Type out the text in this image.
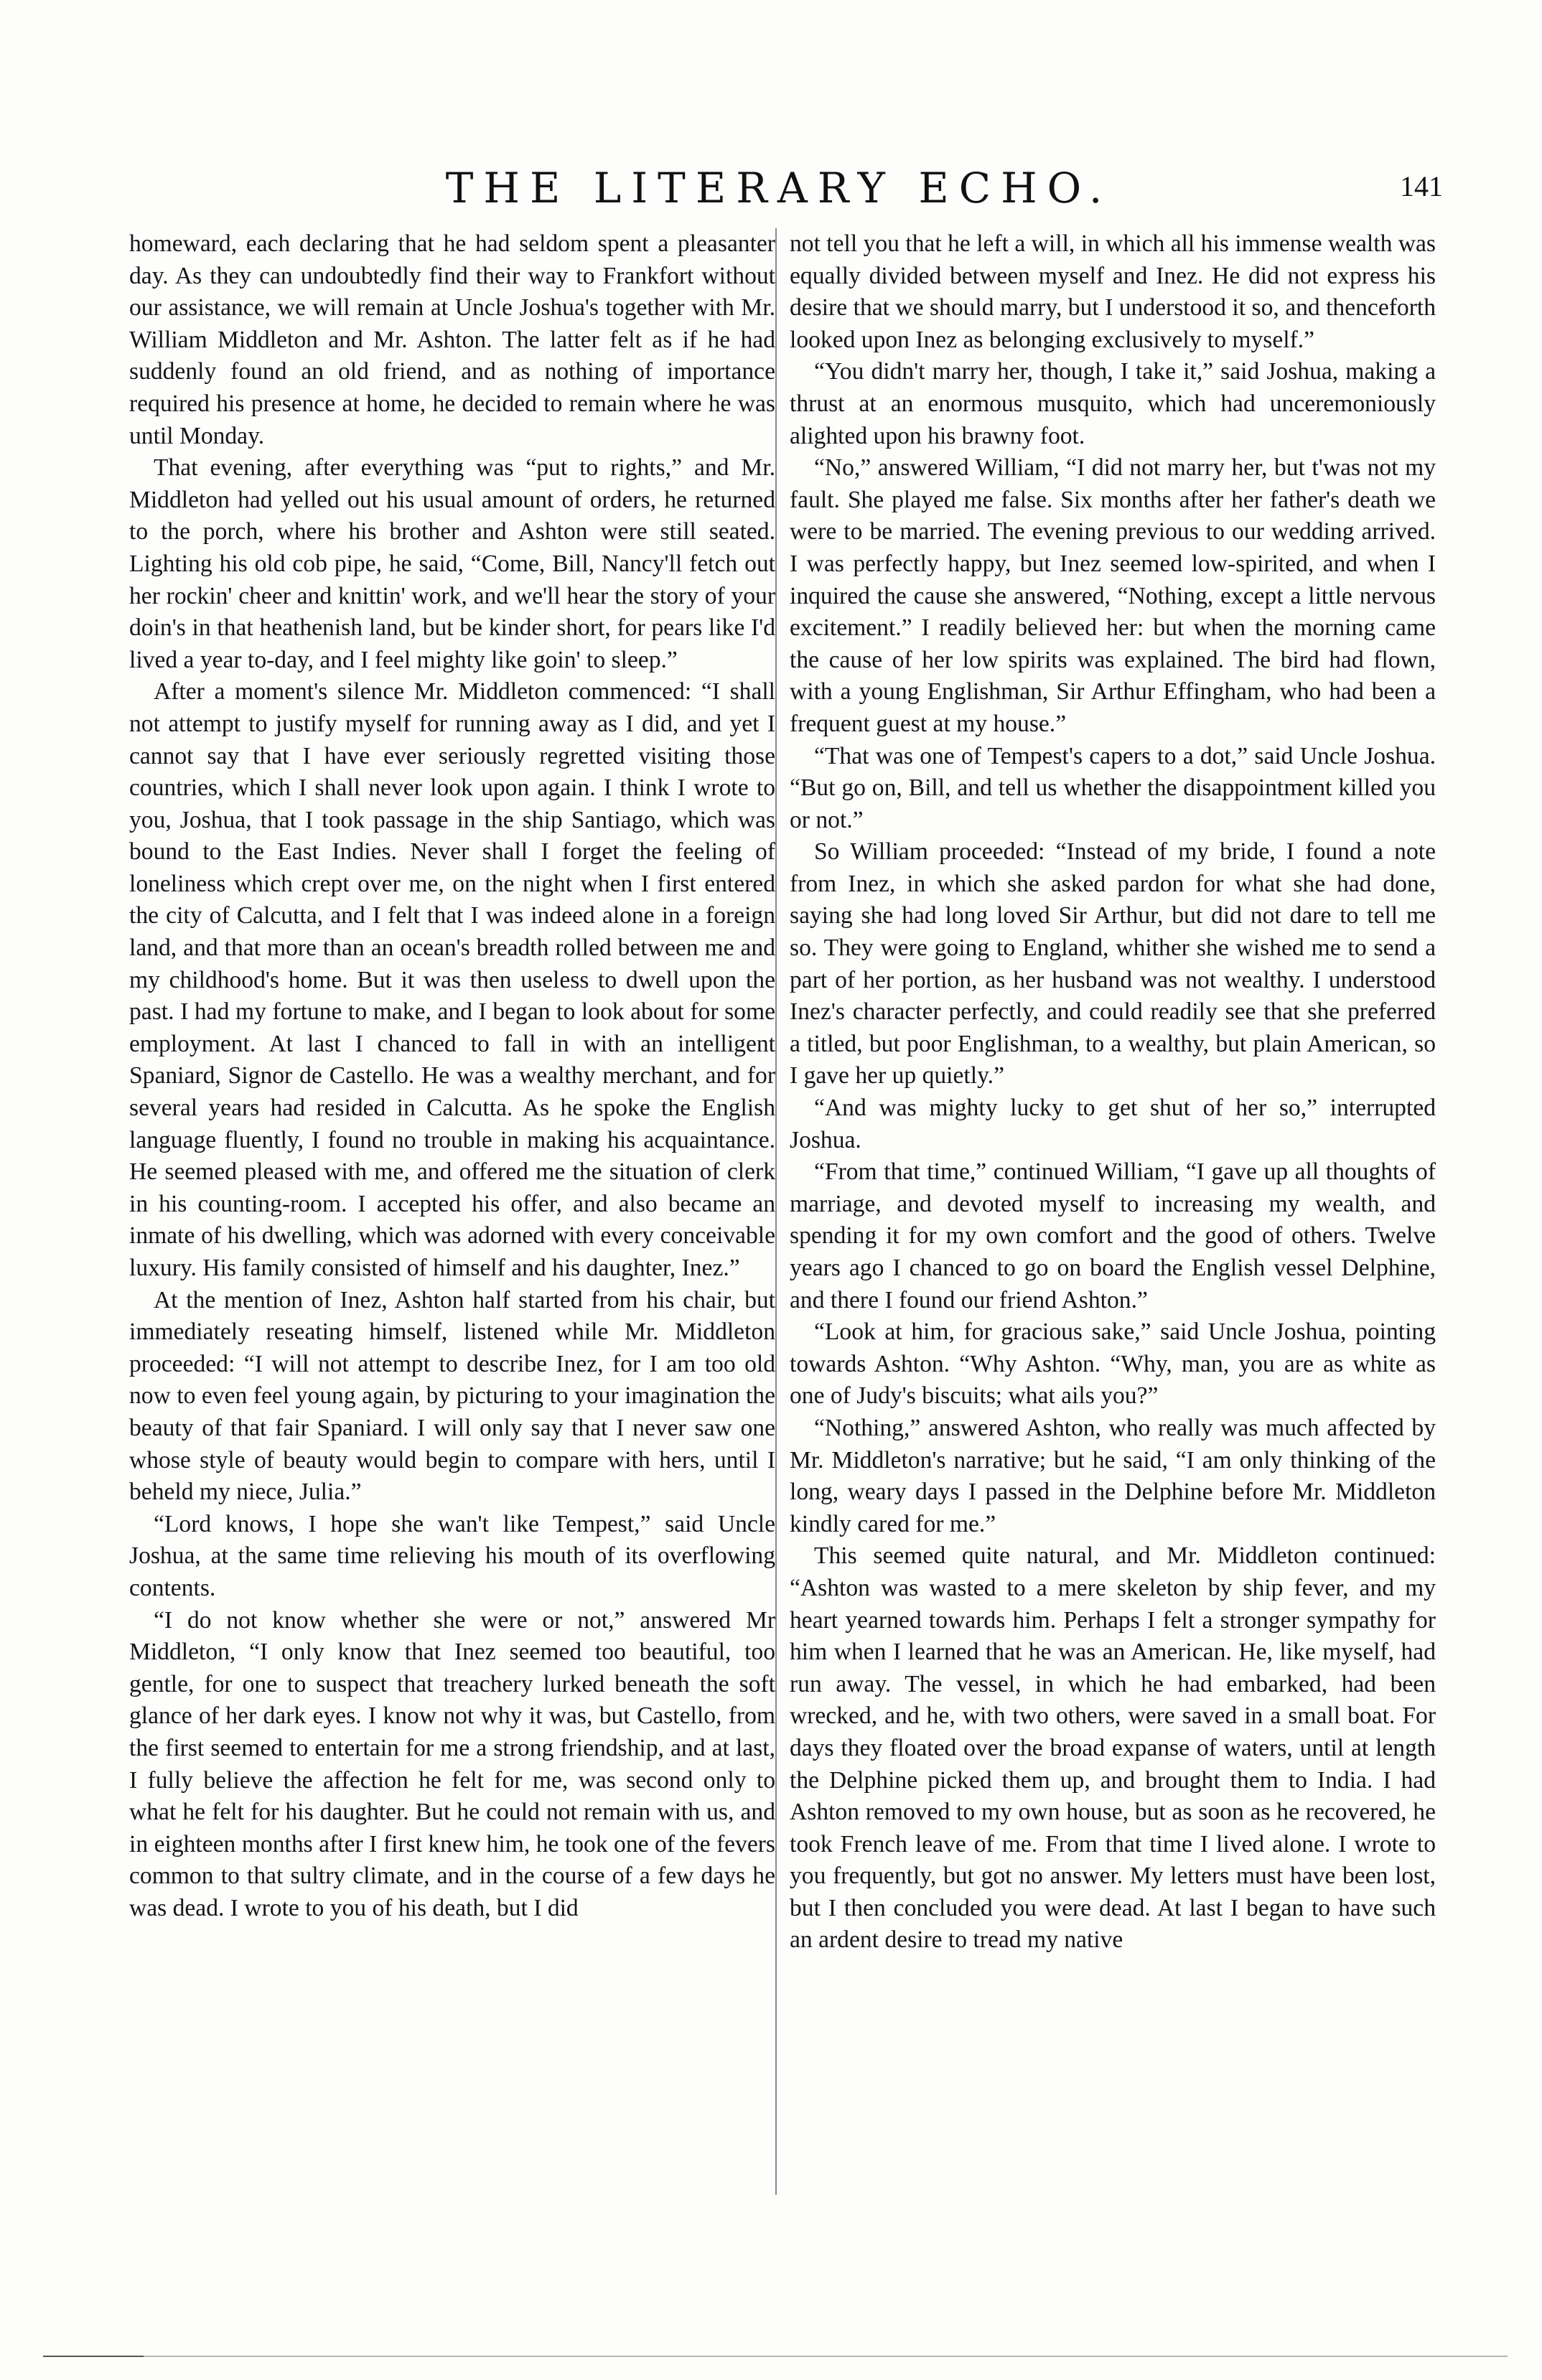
THE LITERARY ECHO.	141

homeward, each declaring that he had seldom spent a pleasanter day. As they can undoubtedly find their way to Frankfort without our assistance, we will remain at Uncle Joshua's together with Mr. William Middleton and Mr. Ashton. The latter felt as if he had suddenly found an old friend, and as nothing of importance required his presence at home, he decided to remain where he was until Monday.

That evening, after everything was “put to rights,” and Mr. Middleton had yelled out his usual amount of orders, he returned to the porch, where his brother and Ashton were still seated. Lighting his old cob pipe, he said, “Come, Bill, Nancy'll fetch out her rockin' cheer and knittin' work, and we'll hear the story of your doin's in that heathenish land, but be kinder short, for pears like I'd lived a year to-day, and I feel mighty like goin' to sleep.”

After a moment's silence Mr. Middleton commenced: “I shall not attempt to justify myself for running away as I did, and yet I cannot say that I have ever seriously regretted visiting those countries, which I shall never look upon again. I think I wrote to you, Joshua, that I took passage in the ship Santiago, which was bound to the East Indies. Never shall I forget the feeling of loneliness which crept over me, on the night when I first entered the city of Calcutta, and I felt that I was indeed alone in a foreign land, and that more than an ocean's breadth rolled between me and my childhood's home. But it was then useless to dwell upon the past. I had my fortune to make, and I began to look about for some employment. At last I chanced to fall in with an intelligent Spaniard, Signor de Castello. He was a wealthy merchant, and for several years had resided in Calcutta. As he spoke the English language fluently, I found no trouble in making his acquaintance. He seemed pleased with me, and offered me the situation of clerk in his counting-room. I accepted his offer, and also became an inmate of his dwelling, which was adorned with every conceivable luxury. His family consisted of himself and his daughter, Inez.”

At the mention of Inez, Ashton half started from his chair, but immediately reseating himself, listened while Mr. Middleton proceeded: “I will not attempt to describe Inez, for I am too old now to even feel young again, by picturing to your imagination the beauty of that fair Spaniard. I will only say that I never saw one whose style of beauty would begin to compare with hers, until I beheld my niece, Julia.”

“Lord knows, I hope she wan't like Tempest,” said Uncle Joshua, at the same time relieving his mouth of its overflowing contents.

“I do not know whether she were or not,” answered Mr Middleton, “I only know that Inez seemed too beautiful, too gentle, for one to suspect that treachery lurked beneath the soft glance of her dark eyes. I know not why it was, but Castello, from the first seemed to entertain for me a strong friendship, and at last, I fully believe the affection he felt for me, was second only to what he felt for his daughter. But he could not remain with us, and in eighteen months after I first knew him, he took one of the fevers common to that sultry climate, and in the course of a few days he was dead. I wrote to you of his death, but I did

not tell you that he left a will, in which all his immense wealth was equally divided between myself and Inez. He did not express his desire that we should marry, but I understood it so, and thenceforth looked upon Inez as belonging exclusively to myself.”

“You didn't marry her, though, I take it,” said Joshua, making a thrust at an enormous musquito, which had unceremoniously alighted upon his brawny foot.

“No,” answered William, “I did not marry her, but t'was not my fault. She played me false. Six months after her father's death we were to be married. The evening previous to our wedding arrived. I was perfectly happy, but Inez seemed low-spirited, and when I inquired the cause she answered, “Nothing, except a little nervous excitement.” I readily believed her: but when the morning came the cause of her low spirits was explained. The bird had flown, with a young Englishman, Sir Arthur Effingham, who had been a frequent guest at my house.”

“That was one of Tempest's capers to a dot,” said Uncle Joshua. “But go on, Bill, and tell us whether the disappointment killed you or not.”

So William proceeded: “Instead of my bride, I found a note from Inez, in which she asked pardon for what she had done, saying she had long loved Sir Arthur, but did not dare to tell me so. They were going to England, whither she wished me to send a part of her portion, as her husband was not wealthy. I understood Inez's character perfectly, and could readily see that she preferred a titled, but poor Englishman, to a wealthy, but plain American, so I gave her up quietly.”

“And was mighty lucky to get shut of her so,” interrupted Joshua.

“From that time,” continued William, “I gave up all thoughts of marriage, and devoted myself to increasing my wealth, and spending it for my own comfort and the good of others. Twelve years ago I chanced to go on board the English vessel Delphine, and there I found our friend Ashton.”

“Look at him, for gracious sake,” said Uncle Joshua, pointing towards Ashton. “Why Ashton. “Why, man, you are as white as one of Judy's biscuits; what ails you?”

“Nothing,” answered Ashton, who really was much affected by Mr. Middleton's narrative; but he said, “I am only thinking of the long, weary days I passed in the Delphine before Mr. Middleton kindly cared for me.”

This seemed quite natural, and Mr. Middleton continued: “Ashton was wasted to a mere skeleton by ship fever, and my heart yearned towards him. Perhaps I felt a stronger sympathy for him when I learned that he was an American. He, like myself, had run away. The vessel, in which he had embarked, had been wrecked, and he, with two others, were saved in a small boat. For days they floated over the broad expanse of waters, until at length the Delphine picked them up, and brought them to India. I had Ashton removed to my own house, but as soon as he recovered, he took French leave of me. From that time I lived alone. I wrote to you frequently, but got no answer. My letters must have been lost, but I then concluded you were dead. At last I began to have such an ardent desire to tread my native
